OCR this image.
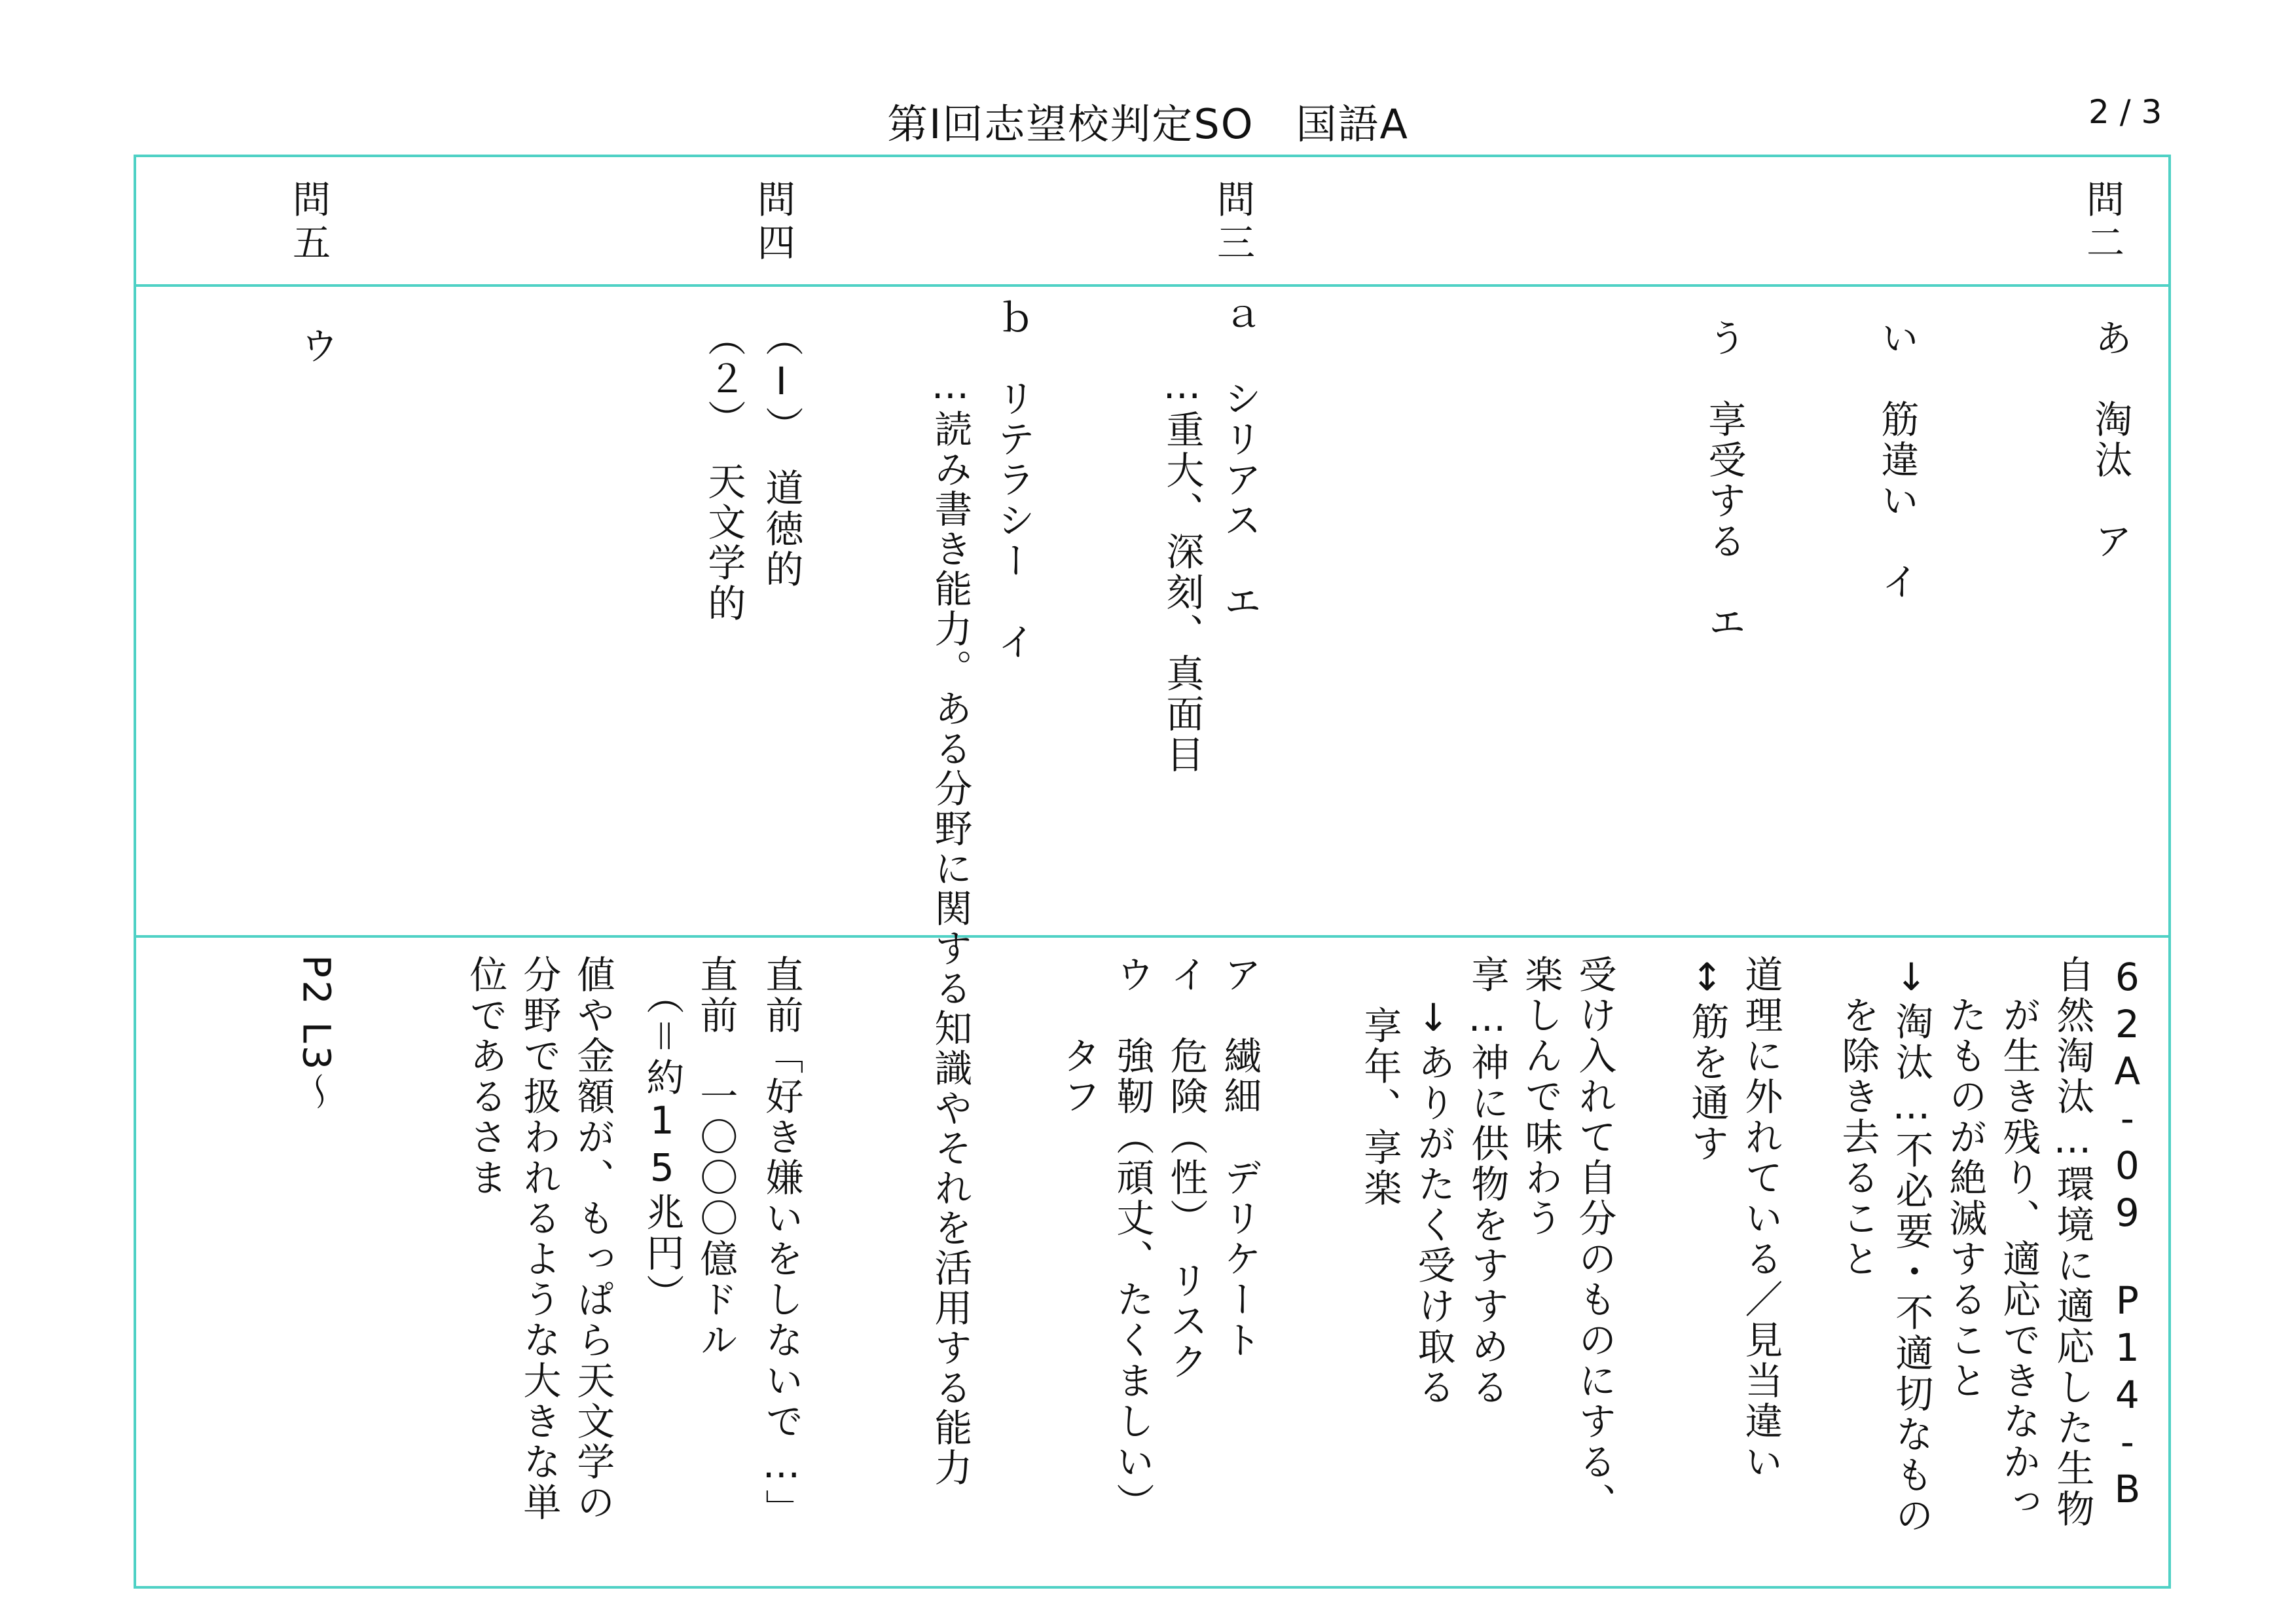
第Ⅰ回志望校判定SO　国語A	2 / 3
問二
問三
問四
問五
あ　淘汰　ア
い　筋違い　イ
う　享受する　エ
ａ　シリアス　エ
…重大、深刻、真面目
ｂ　リテラシー　イ
…読み書き能力。ある分野に関する知識やそれを活用する能力
（Ⅰ）　道徳的
（２）　天文学的
ウ
62A-09　P14-B
自然淘汰…環境に適応した生物
　が生き残り、適応できなかっ
　たものが絶滅すること
↓淘汰…不必要・不適切なもの
　を除き去ること
道理に外れている／見当違い
↕筋を通す
受け入れて自分のものにする、
楽しんで味わう
享…神に供物をすすめる
　↓ありがたく受け取る
享年、享楽
ア　繊細　デリケート
イ　危険（性）　リスク
ウ　強靭（頑丈、たくましい）
　　タフ
直前「好き嫌いをしないで…」
直前　一〇〇〇億ドル
　（＝約15兆円）
値や金額が、もっぱら天文学の
分野で扱われるような大きな単
位であるさま
P2 L3～
